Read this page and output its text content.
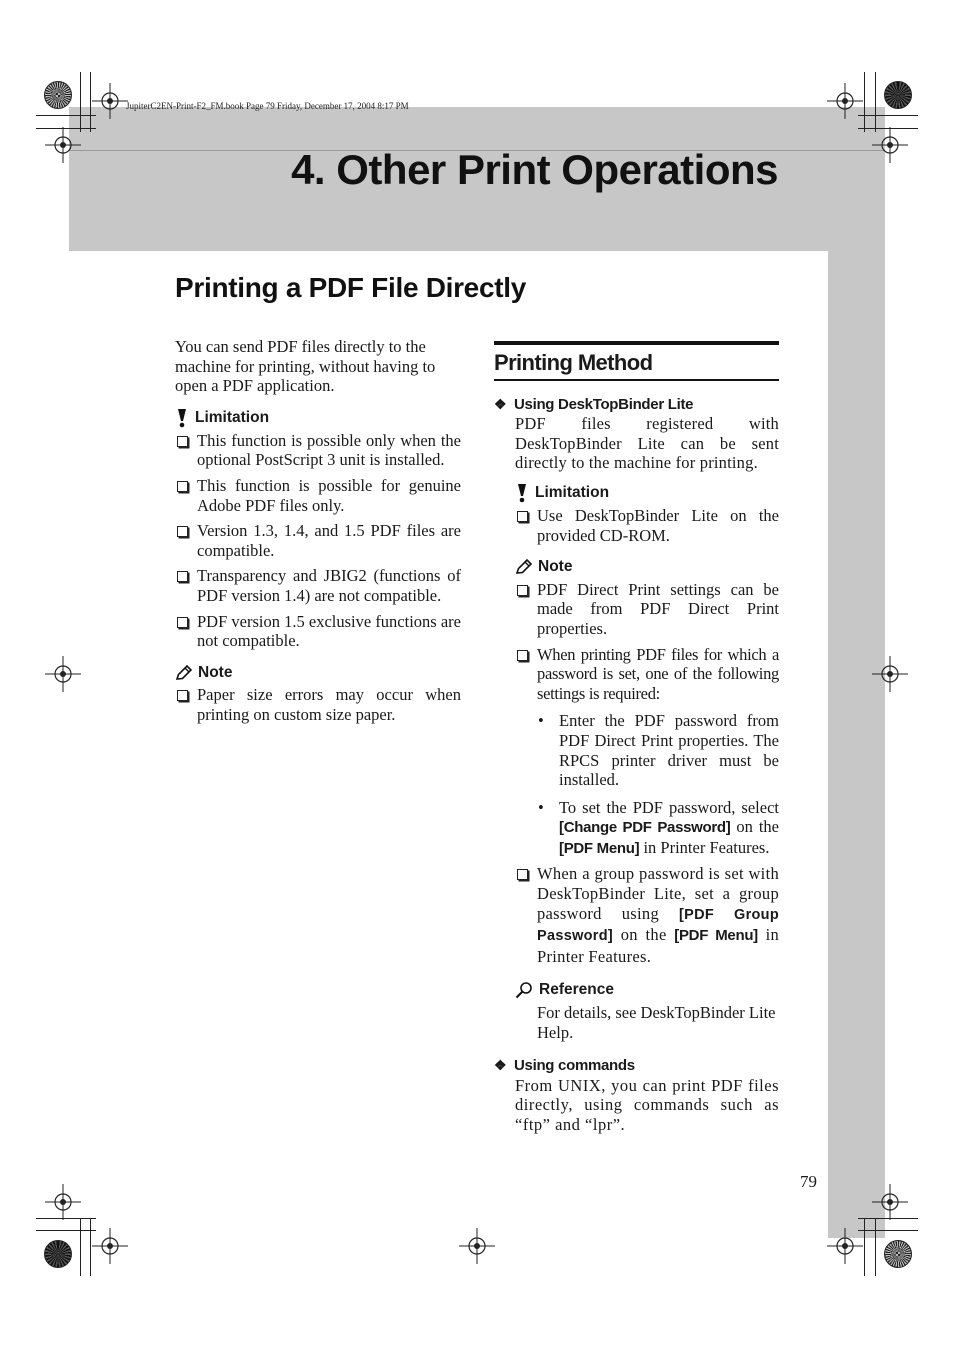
JupiterC2EN-Print-F2_FM.book Page 79 Friday, December 17, 2004 8:17 PM
4. Other Print Operations
Printing a PDF File Directly

You can send PDF files directly to the machine for printing, without having to open a PDF application.

Limitation

This function is possible only when the optional PostScript 3 unit is installed.

This function is possible for genuine Adobe PDF files only.

Version 1.3, 1.4, and 1.5 PDF files are compatible.

Transparency and JBIG2 (functions of PDF version 1.4) are not compatible.

PDF version 1.5 exclusive functions are not compatible.

Note

Paper size errors may occur when printing on custom size paper.

Printing Method
❖ Using DeskTopBinder Lite

PDF files registered with DeskTopBinder Lite can be sent directly to the machine for printing.

Limitation

Use DeskTopBinder Lite on the provided CD-ROM.

Note

PDF Direct Print settings can be made from PDF Direct Print properties.

When printing PDF files for which a password is set, one of the following settings is required:

• Enter the PDF password from PDF Direct Print properties. The RPCS printer driver must be installed.

• To set the PDF password, select [Change PDF Password] on the [PDF Menu] in Printer Features.

When a group password is set with DeskTopBinder Lite, set a group password using [PDF Group Password] on the [PDF Menu] in Printer Features.

Reference

For details, see DeskTopBinder Lite Help.

❖ Using commands

From UNIX, you can print PDF files directly, using commands such as “ftp” and “lpr”.

79
